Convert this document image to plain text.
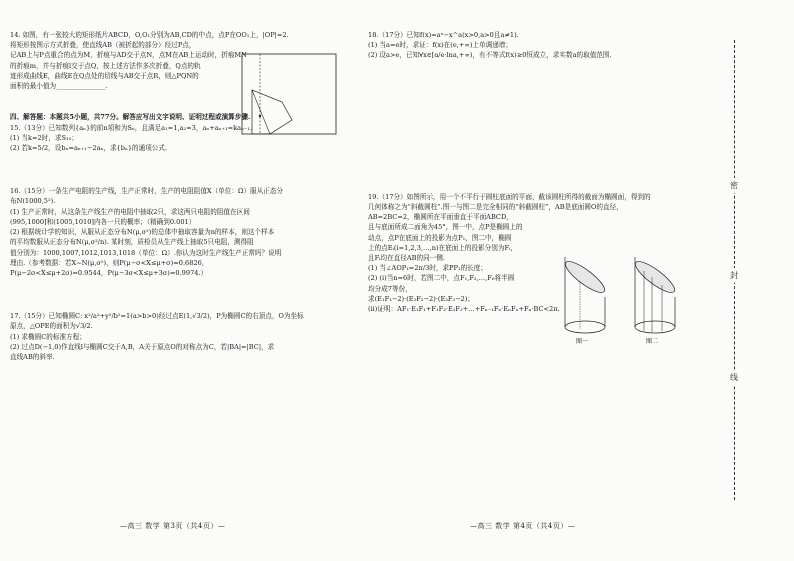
14. 如图，有一张较大的矩形纸片ABCD，O,O₁分别为AB,CD的中点，点P在OO₁上，|OP|=2.
将矩形按图示方式折叠，使直线AB（被折起的部分）经过P点，
记AB上与P点重合的点为M，折痕与AD交于点N，点M在AB上运动时，折痕MN
的折痕m，并与折痕l交于点Q，按上述方法作多次折叠，Q点的轨
迹形成曲线E，曲线E在Q点处的切线与AB交于点R，则△PQN的
面积的最小值为_______________.
四、解答题：本题共5小题，共77分。解答应写出文字说明、证明过程或演算步骤.
15.（13分）已知数列{aₙ}的前n项和为Sₙ，且满足a₁=1,a₂=3，aₙ+aₙ₊₁=kaₙ₋₁.
(1) 当k=2时，求S₁₀；
(2) 若k=5/2，设bₙ=aₙ₊₁−2aₙ，求{bₙ}的通项公式.
16.（15分）一条生产电阻的生产线，生产正常时，生产的电阻阻值X（单位：Ω）服从正态分
布N(1000,5²).
(1) 生产正常时，从这条生产线生产的电阻中抽取2只，求这两只电阻的阻值在区间
(995,1000]和(1005,1010]内各一只的概率；（精确到0.001）
(2) 根据统计学的知识，从服从正态分布N(μ,σ²)的总体中抽取容量为n的样本，则这个样本
的平均数服从正态分布N(μ,σ²/n). 某时刻，质检员从生产线上抽取5只电阻，测得阻
值分别为：1000,1007,1012,1013,1018（单位：Ω）.你认为这时生产线生产正常吗？说明
理由.（参考数据：若X~N(μ,σ²)，则P(μ−σ<X≤μ+σ)=0.6826,
P(μ−2σ<X≤μ+2σ)=0.9544，P(μ−3σ<X≤μ+3σ)=0.9974.）
17.（15分）已知椭圆C: x²/a²+y²/b²=1(a>b>0)经过点E(1,√3/2)，P为椭圆C的右顶点，O为坐标
原点，△OPE的面积为√3/2.
(1) 求椭圆C的标准方程；
(2) 过点D(−1,0)作直线l与椭圆C交于A,B，A关于原点O的对称点为C，若|BA|=|BC|，求
直线AB的斜率.
18.（17分）已知f(x)=aˣ−x^a(x>0,a>0且a≠1).
(1) 当a=e时，求证：f(x)在(e,+∞)上单调递增；
(2) 设a>e，已知∀x∈[a/e·lna,+∞)，有不等式f(x)≥0恒成立，求实数a的取值范围.
19.（17分）如图所示，用一个不平行于圆柱底面的平面，截该圆柱所得的截面为椭圆面，得到的
几何体称之为“斜截圆柱”.图一与图二是完全相同的“斜截圆柱”，AB是底面圆O的直径，
AB=2BC=2，椭圆所在平面垂直于平面ABCD，
且与底面所成二面角为45°，图一中，点P是椭圆上的
动点，点P在底面上的投影为点P₁，图二中，椭圆
上的点Eᵢ(i=1,2,3,…,n)在底面上的投影分别为Fᵢ，
且Fᵢ均在直径AB的同一侧.
(1) 当∠AOP₁=2π/3时，求PP₁的长度；
(2) (i)当n=6时，若图二中，点F₁,F₂,…,F₆将半圆
均分成7等份，
求(E₁F₁−2)·(E₂F₂−2)·(E₃F₃−2)；
(ii)证明：AF₁·E₁F₁+F₁F₂·E₂F₂+…+Fₙ₋₁Fₙ·EₙFₙ+Fₙ·BC<2π.
图一	图二
密
封
线
—高三 数学 第3页（共4页）—	—高三 数学 第4页（共4页）—
